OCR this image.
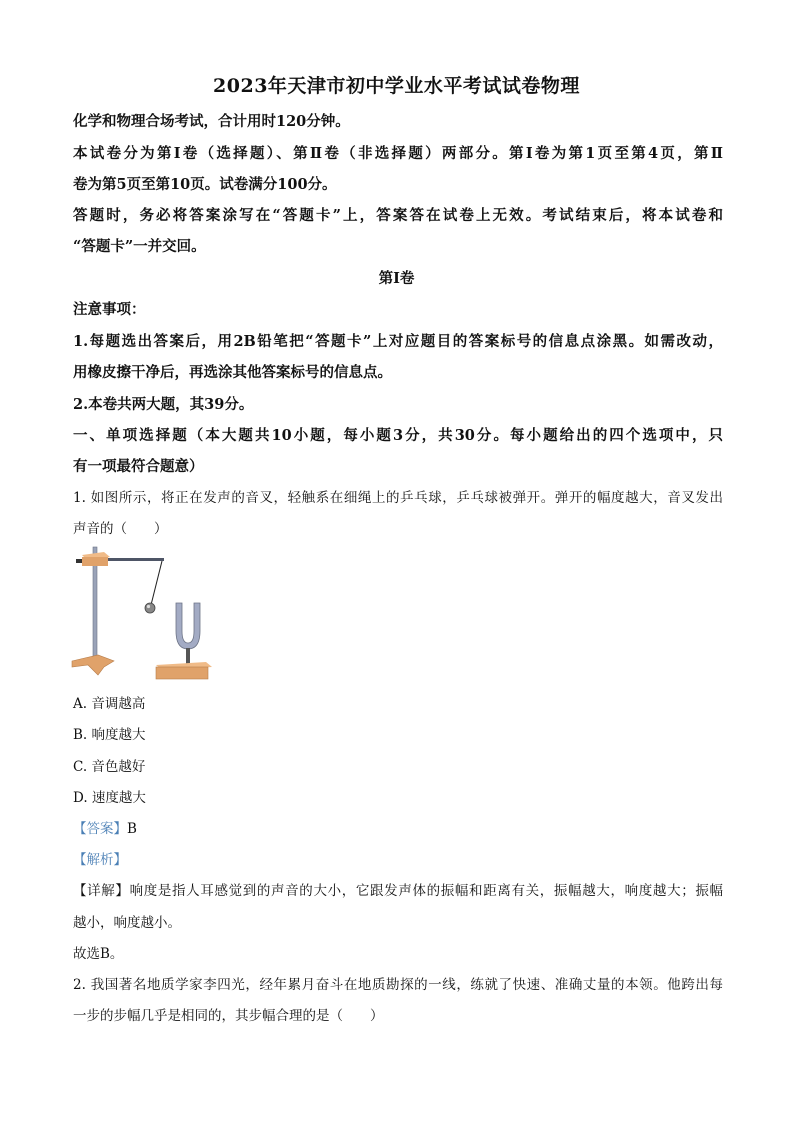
2023年天津市初中学业水平考试试卷物理
化学和物理合场考试，合计用时120分钟。
本试卷分为第Ⅰ卷（选择题）、第Ⅱ卷（非选择题）两部分。第Ⅰ卷为第1页至第4页，第Ⅱ
卷为第5页至第10页。试卷满分100分。
答题时，务必将答案涂写在“答题卡”上，答案答在试卷上无效。考试结束后，将本试卷和
“答题卡”一并交回。
第Ⅰ卷
注意事项：
1.每题选出答案后，用2B铅笔把“答题卡”上对应题目的答案标号的信息点涂黑。如需改动，
用橡皮擦干净后，再选涂其他答案标号的信息点。
2.本卷共两大题，其39分。
一、单项选择题（本大题共10小题，每小题3分，共30分。每小题给出的四个选项中，只
有一项最符合题意）
1. 如图所示，将正在发声的音叉，轻触系在细绳上的乒乓球，乒乓球被弹开。弹开的幅度越大，音叉发出
声音的（　　）
A. 音调越高
B. 响度越大
C. 音色越好
D. 速度越大
【答案】B
【解析】
【详解】响度是指人耳感觉到的声音的大小，它跟发声体的振幅和距离有关，振幅越大，响度越大；振幅
越小，响度越小。
故选B。
2. 我国著名地质学家李四光，经年累月奋斗在地质勘探的一线，练就了快速、准确丈量的本领。他跨出每
一步的步幅几乎是相同的，其步幅合理的是（　　）
